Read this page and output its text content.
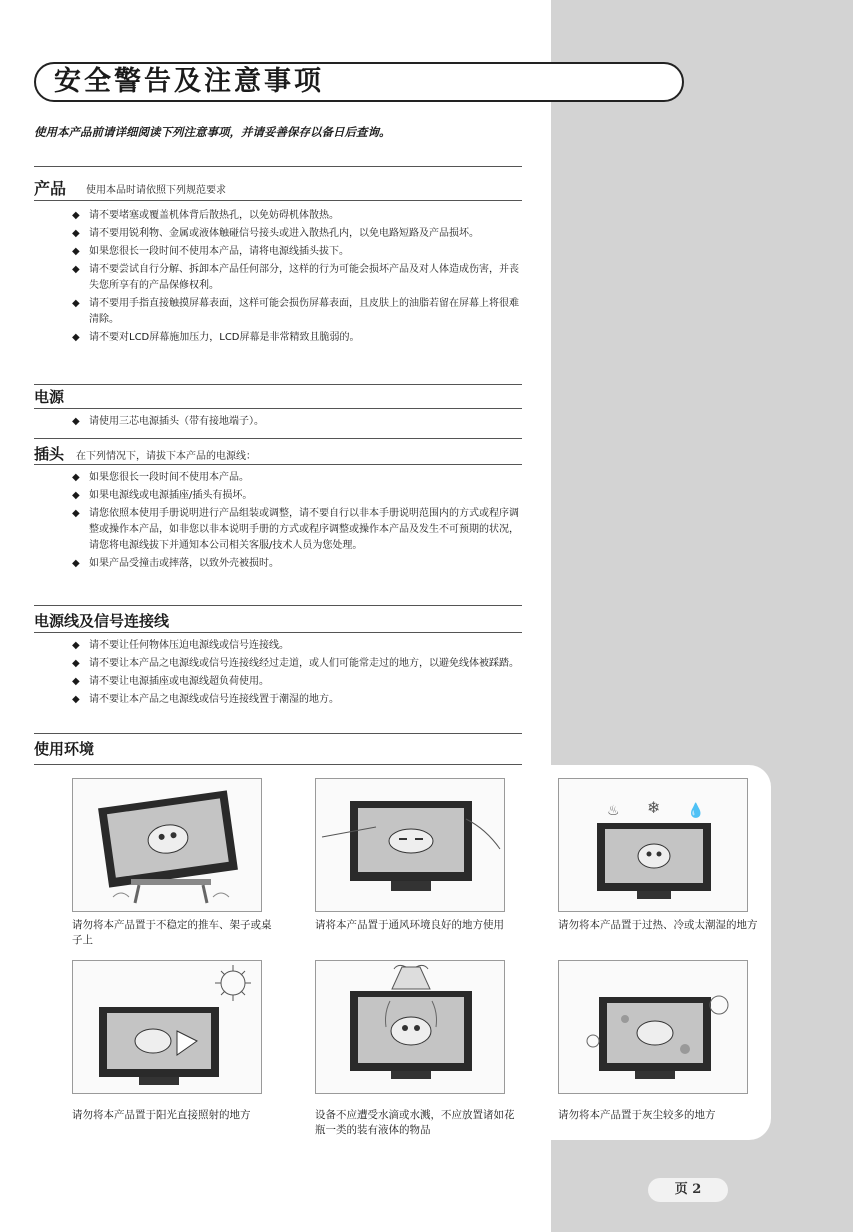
安全警告及注意事项
使用本产品前请详细阅读下列注意事项，并请妥善保存以备日后查询。
产品 使用本品时请依照下列规范要求
◆ 请不要堵塞或覆盖机体背后散热孔，以免妨碍机体散热。
◆ 请不要用锐利物、金属或液体触碰信号接头或进入散热孔内，以免电路短路及产品损坏。
◆ 如果您很长一段时间不使用本产品，请将电源线插头拔下。
◆ 请不要尝试自行分解、拆卸本产品任何部分，这样的行为可能会损坏产品及对人体造成伤害，并丧失您所享有的产品保修权利。
◆ 请不要用手指直接触摸屏幕表面，这样可能会损伤屏幕表面，且皮肤上的油脂若留在屏幕上将很难清除。
◆ 请不要对LCD屏幕施加压力，LCD屏幕是非常精致且脆弱的。
电源
◆ 请使用三芯电源插头（带有接地端子）。
插头 在下列情况下，请拔下本产品的电源线：
◆ 如果您很长一段时间不使用本产品。
◆ 如果电源线或电源插座/插头有损坏。
◆ 请您依照本使用手册说明进行产品组装或调整，请不要自行以非本手册说明范围内的方式或程序调整或操作本产品，如非您以非本说明手册的方式或程序调整或操作本产品及发生不可预期的状况，请您将电源线拔下并通知本公司相关客服/技术人员为您处理。
◆ 如果产品受撞击或摔落，以致外壳被损时。
电源线及信号连接线
◆ 请不要让任何物体压迫电源线或信号连接线。
◆ 请不要让本产品之电源线或信号连接线经过走道，或人们可能常走过的地方，以避免线体被踩踏。
◆ 请不要让电源插座或电源线超负荷使用。
◆ 请不要让本产品之电源线或信号连接线置于潮湿的地方。
使用环境
♨ ❄ 💧
请勿将本产品置于不稳定的推车、架子或桌子上
请将本产品置于通风环境良好的地方使用	请勿将本产品置于过热、冷或太潮湿的地方
请勿将本产品置于阳光直接照射的地方	设备不应遭受水滴或水溅，不应放置诸如花瓶一类的装有液体的物品
请勿将本产品置于灰尘较多的地方
页 2
